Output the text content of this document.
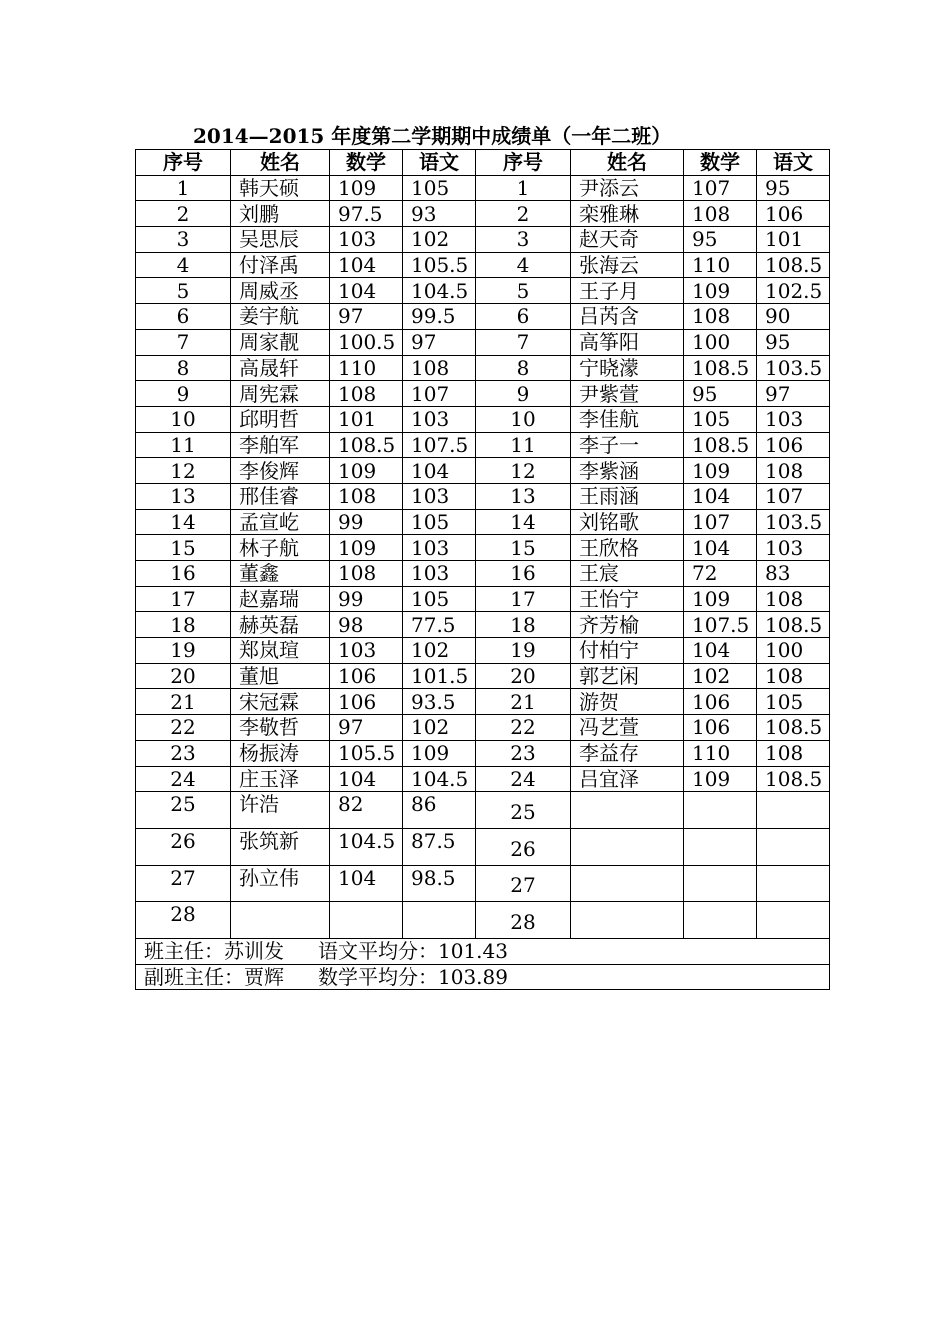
2014—2015 年度第二学期期中成绩单（一年二班）
序号	姓名	数学	语文	序号	姓名	数学	语文
1	韩天硕	109	105	1	尹添云	107	95
2	刘鹏	97.5	93	2	栾雅琳	108	106
3	吴思辰	103	102	3	赵天奇	95	101
4	付泽禹	104	105.5	4	张海云	110	108.5
5	周威丞	104	104.5	5	王子月	109	102.5
6	姜宇航	97	99.5	6	吕芮含	108	90
7	周家靓	100.5	97	7	高筝阳	100	95
8	高晟轩	110	108	8	宁晓濛	108.5	103.5
9	周宪霖	108	107	9	尹紫萱	95	97
10	邱明哲	101	103	10	李佳航	105	103
11	李舶军	108.5	107.5	11	李子一	108.5	106
12	李俊辉	109	104	12	李紫涵	109	108
13	邢佳睿	108	103	13	王雨涵	104	107
14	孟宣屹	99	105	14	刘铭歌	107	103.5
15	林子航	109	103	15	王欣格	104	103
16	董鑫	108	103	16	王宸	72	83
17	赵嘉瑞	99	105	17	王怡宁	109	108
18	赫英磊	98	77.5	18	齐芳榆	107.5	108.5
19	郑岚瑄	103	102	19	付柏宁	104	100
20	董旭	106	101.5	20	郭艺闲	102	108
21	宋冠霖	106	93.5	21	游贺	106	105
22	李敬哲	97	102	22	冯艺萱	106	108.5
23	杨振涛	105.5	109	23	李益存	110	108
24	庄玉泽	104	104.5	24	吕宜泽	109	108.5
25	许浩	82	86	25			
26	张筑新	104.5	87.5	26			
27	孙立伟	104	98.5	27			
28				28			
班主任：苏训发 语文平均分：101.43							
副班主任：贾辉 数学平均分：103.89							
